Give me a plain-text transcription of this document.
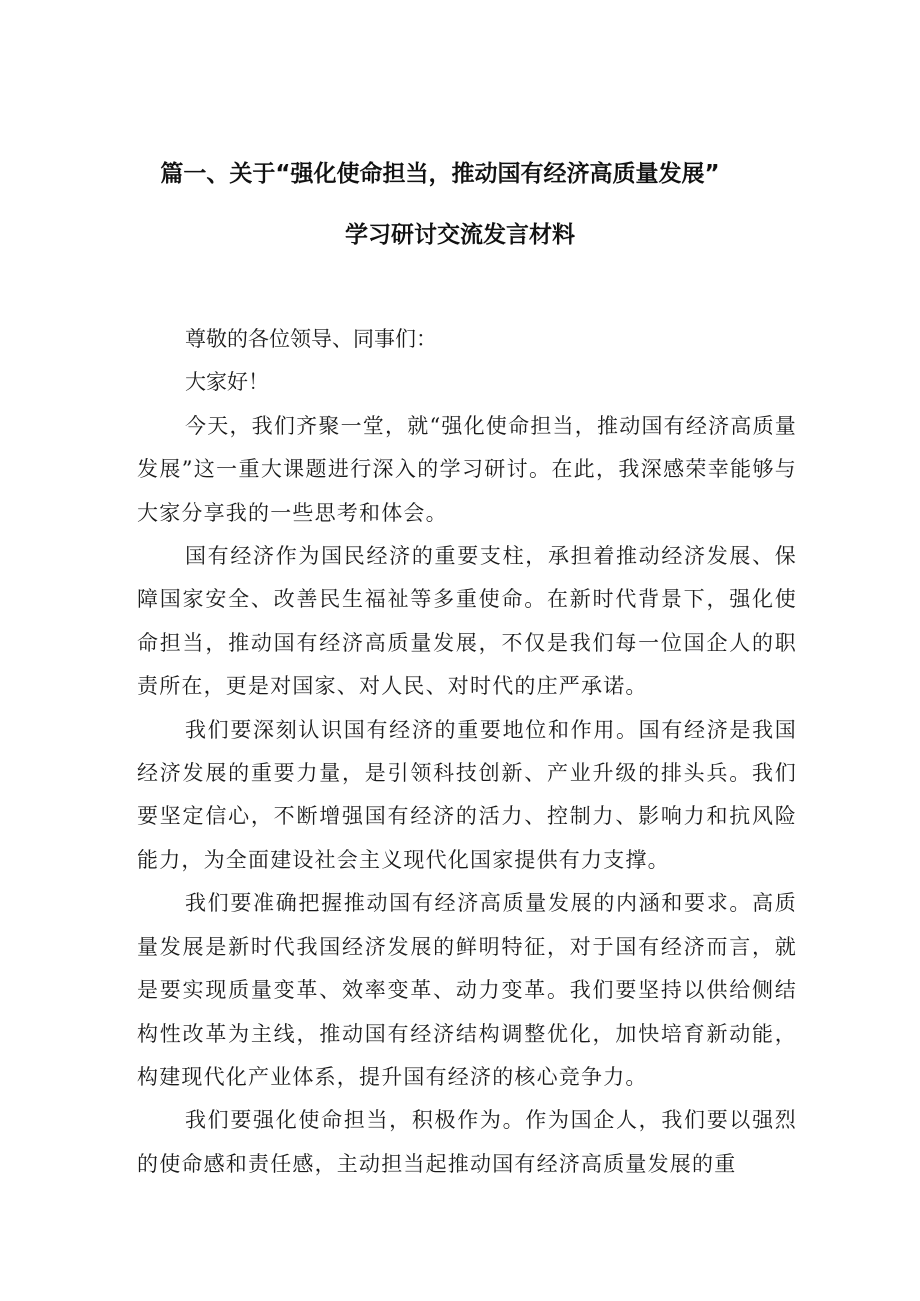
篇一、关于“强化使命担当，推动国有经济高质量发展”
学习研讨交流发言材料

尊敬的各位领导、同事们：

大家好！

今天，我们齐聚一堂，就“强化使命担当，推动国有经济高质量发展”这一重大课题进行深入的学习研讨。在此，我深感荣幸能够与大家分享我的一些思考和体会。

国有经济作为国民经济的重要支柱，承担着推动经济发展、保障国家安全、改善民生福祉等多重使命。在新时代背景下，强化使命担当，推动国有经济高质量发展，不仅是我们每一位国企人的职责所在，更是对国家、对人民、对时代的庄严承诺。

我们要深刻认识国有经济的重要地位和作用。国有经济是我国经济发展的重要力量，是引领科技创新、产业升级的排头兵。我们要坚定信心，不断增强国有经济的活力、控制力、影响力和抗风险能力，为全面建设社会主义现代化国家提供有力支撑。

我们要准确把握推动国有经济高质量发展的内涵和要求。高质量发展是新时代我国经济发展的鲜明特征，对于国有经济而言，就是要实现质量变革、效率变革、动力变革。我们要坚持以供给侧结构性改革为主线，推动国有经济结构调整优化，加快培育新动能，构建现代化产业体系，提升国有经济的核心竞争力。

我们要强化使命担当，积极作为。作为国企人，我们要以强烈的使命感和责任感，主动担当起推动国有经济高质量发展的重
